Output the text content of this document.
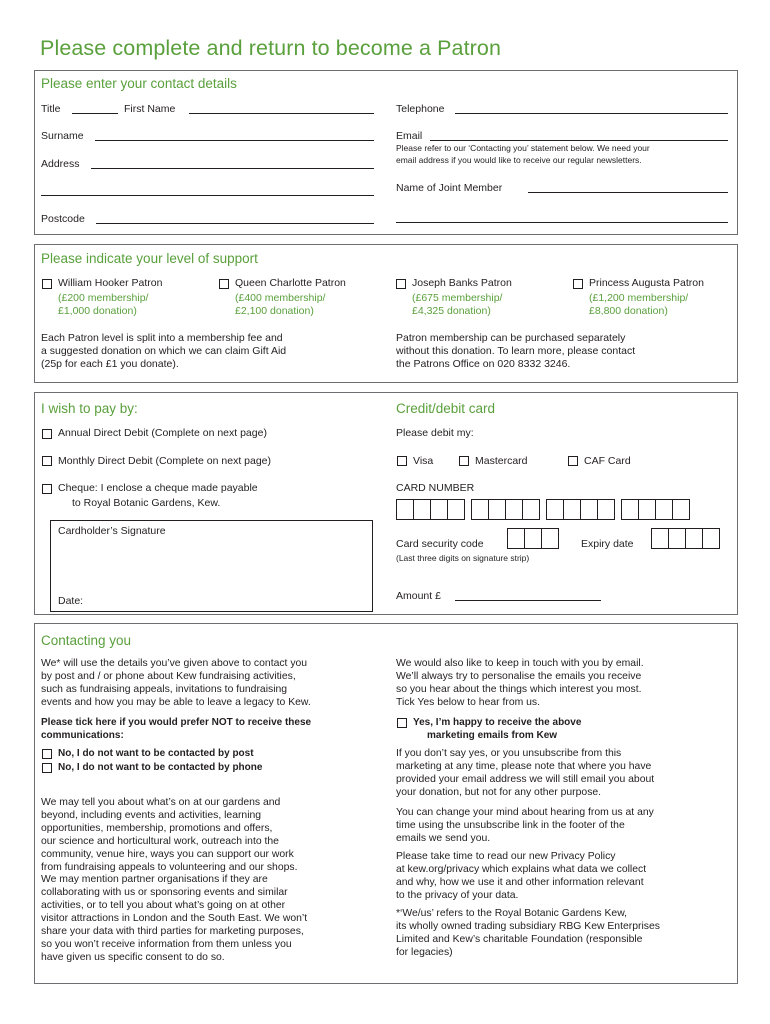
Please complete and return to become a Patron
Please enter your contact details
Title	First Name
Surname
Address
Postcode
Telephone
Email
Please refer to our ‘Contacting you’ statement below. We need your
email address if you would like to receive our regular newsletters.
Name of Joint Member
Please indicate your level of support
William Hooker Patron
(£200 membership/
£1,000 donation)
Queen Charlotte Patron
(£400 membership/
£2,100 donation)
Joseph Banks Patron
(£675 membership/
£4,325 donation)
Princess Augusta Patron
(£1,200 membership/
£8,800 donation)
Each Patron level is split into a membership fee and
a suggested donation on which we can claim Gift Aid
(25p for each £1 you donate).
Patron membership can be purchased separately
without this donation. To learn more, please contact
the Patrons Office on 020 8332 3246.
I wish to pay by:
Annual Direct Debit (Complete on next page)
Monthly Direct Debit (Complete on next page)
Cheque: I enclose a cheque made payable
to Royal Botanic Gardens, Kew.
Cardholder’s Signature
Date:
Credit/debit card
Please debit my:
Visa	Mastercard	CAF Card
CARD NUMBER
Card security code
(Last three digits on signature strip)
Expiry date
Amount £
Contacting you
We* will use the details you’ve given above to contact you
by post and / or phone about Kew fundraising activities,
such as fundraising appeals, invitations to fundraising
events and how you may be able to leave a legacy to Kew.
Please tick here if you would prefer NOT to receive these
communications:
No, I do not want to be contacted by post
No, I do not want to be contacted by phone
We may tell you about what’s on at our gardens and
beyond, including events and activities, learning
opportunities, membership, promotions and offers,
our science and horticultural work, outreach into the
community, venue hire, ways you can support our work
from fundraising appeals to volunteering and our shops.
We may mention partner organisations if they are
collaborating with us or sponsoring events and similar
activities, or to tell you about what’s going on at other
visitor attractions in London and the South East. We won’t
share your data with third parties for marketing purposes,
so you won’t receive information from them unless you
have given us specific consent to do so.
We would also like to keep in touch with you by email.
We’ll always try to personalise the emails you receive
so you hear about the things which interest you most.
Tick Yes below to hear from us.
Yes, I’m happy to receive the above
marketing emails from Kew
If you don’t say yes, or you unsubscribe from this
marketing at any time, please note that where you have
provided your email address we will still email you about
your donation, but not for any other purpose.
You can change your mind about hearing from us at any
time using the unsubscribe link in the footer of the
emails we send you.
Please take time to read our new Privacy Policy
at kew.org/privacy which explains what data we collect
and why, how we use it and other information relevant
to the privacy of your data.
*‘We/us’ refers to the Royal Botanic Gardens Kew,
its wholly owned trading subsidiary RBG Kew Enterprises
Limited and Kew’s charitable Foundation (responsible
for legacies)
